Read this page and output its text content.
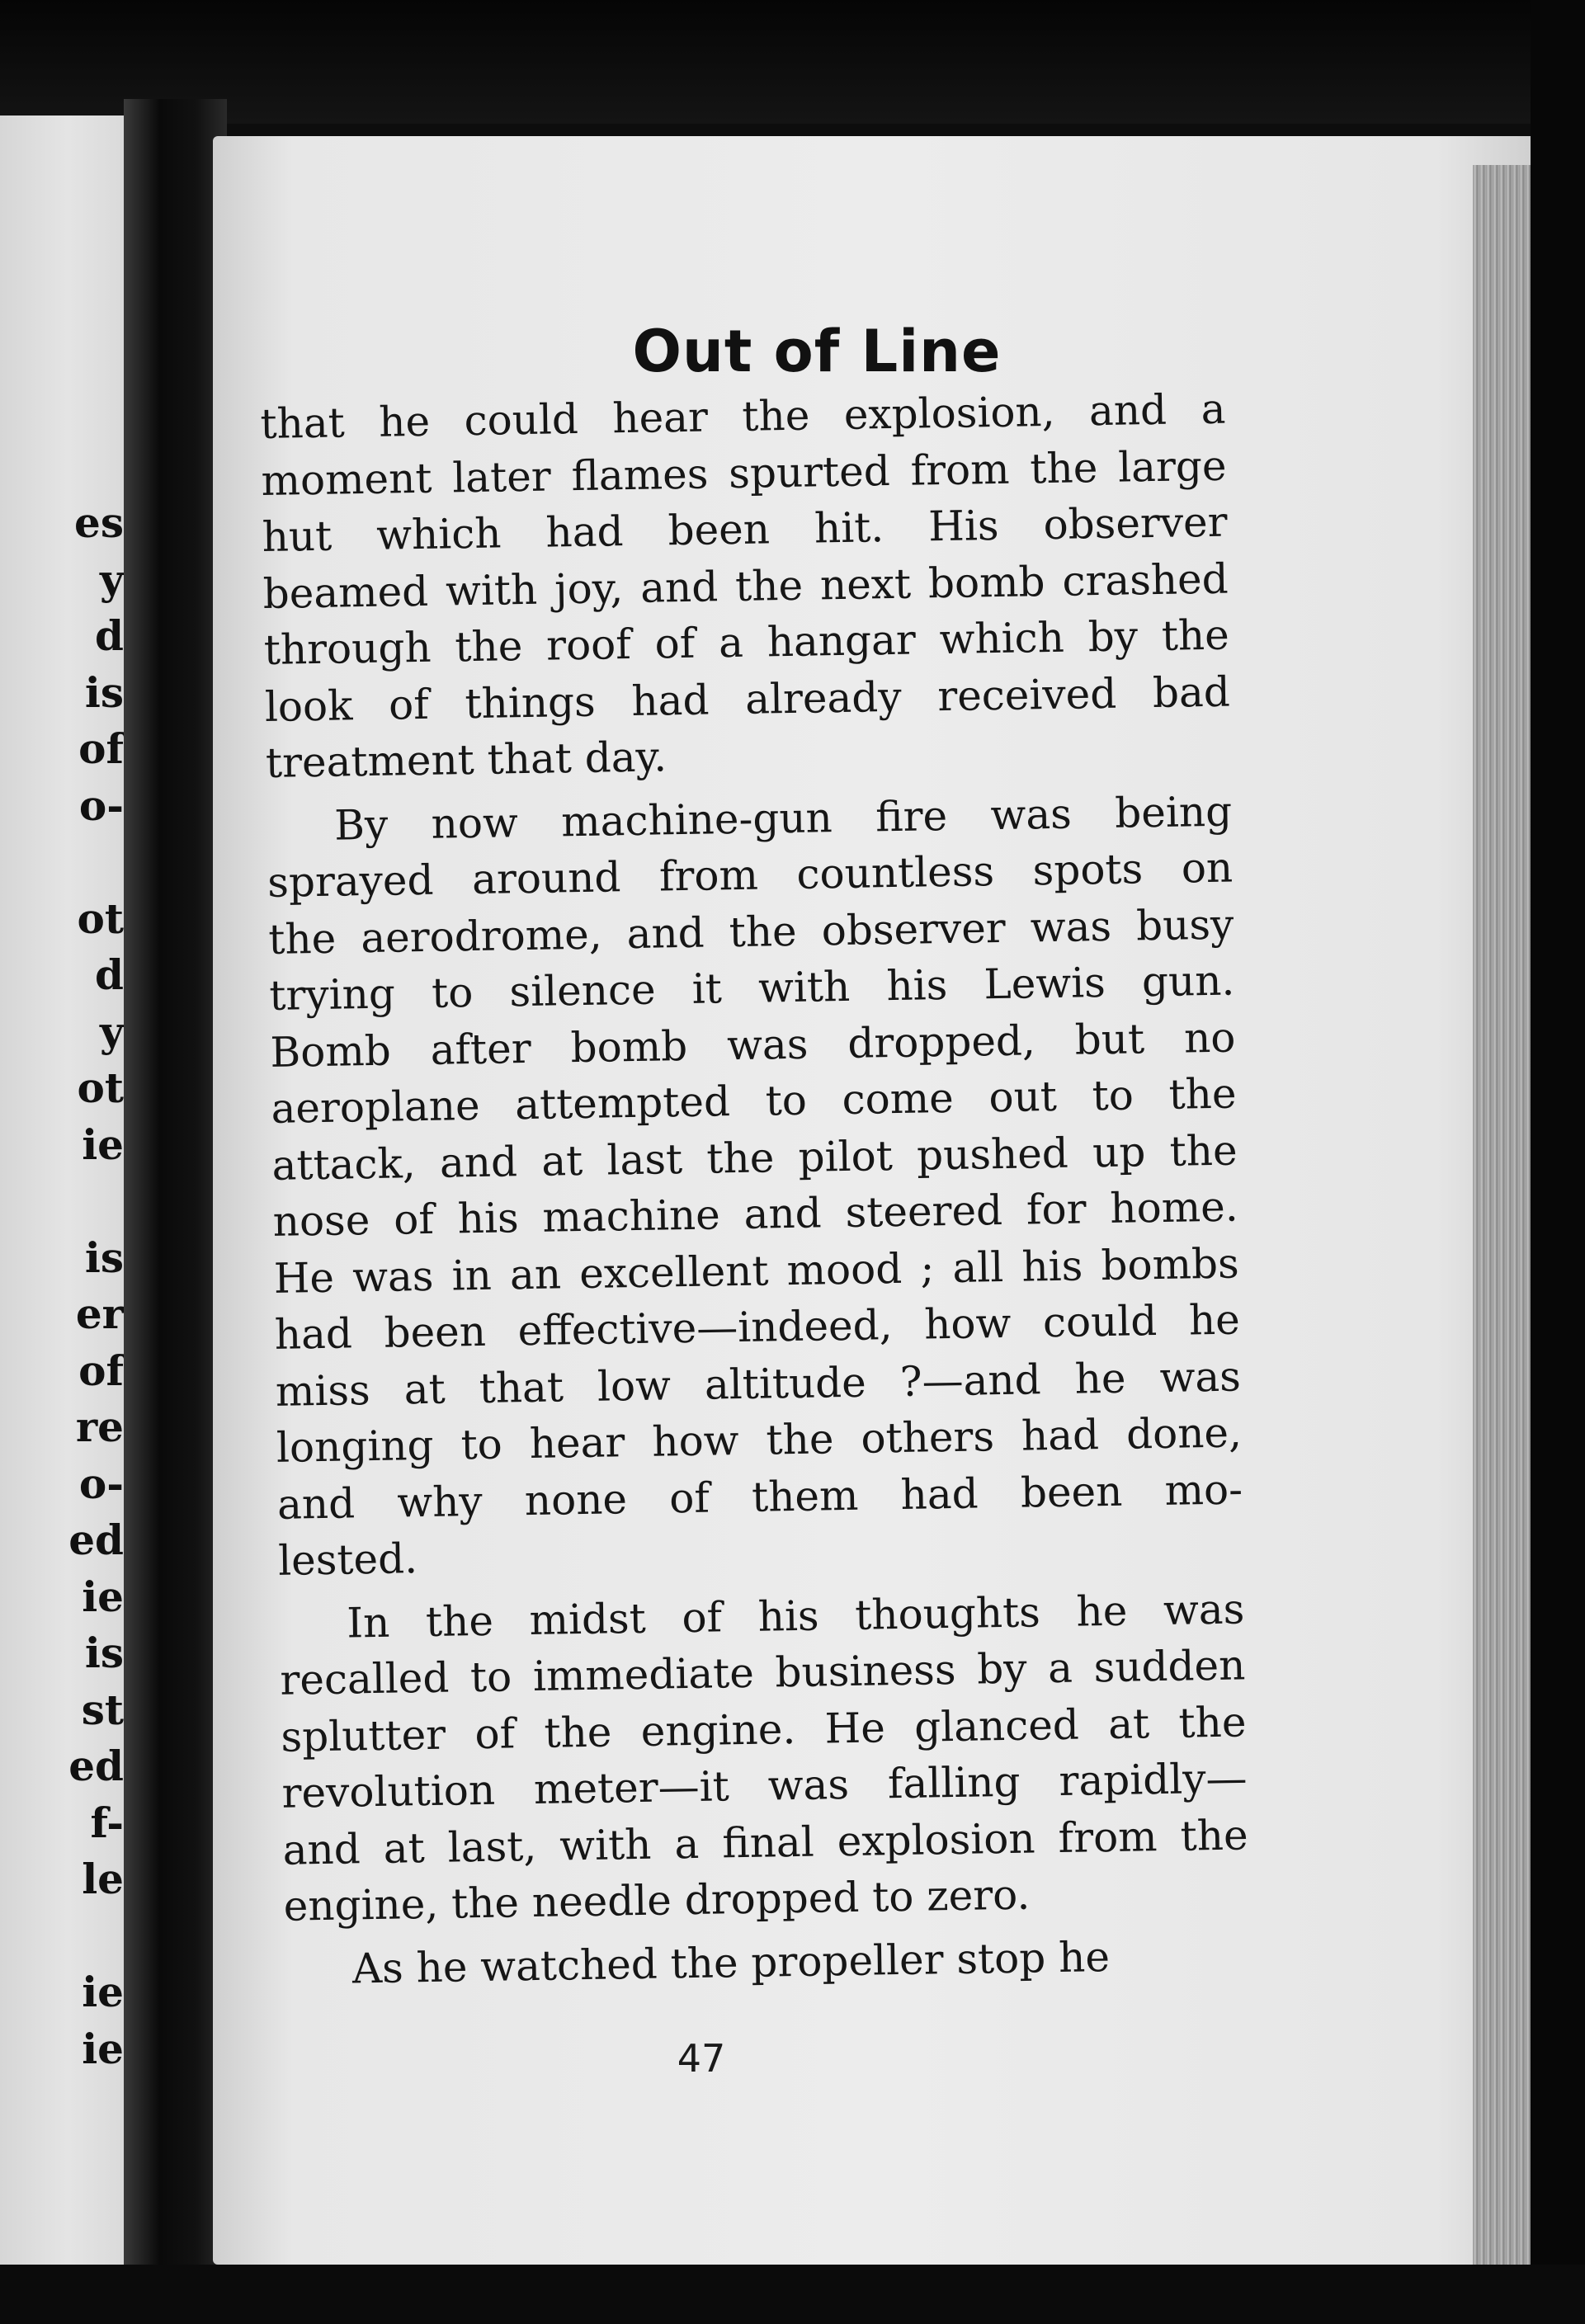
es
y
d
is
of
o-
ot
d
y
ot
ie
is
er
of
re
o-
ed
ie
is
st
ed
f-
le
ie
ie
Out of Line
that he could hear the explosion, and a
moment later flames spurted from the large
hut which had been hit. His observer
beamed with joy, and the next bomb crashed
through the roof of a hangar which by the
look of things had already received bad
treatment that day.
By now machine-gun fire was being
sprayed around from countless spots on
the aerodrome, and the observer was busy
trying to silence it with his Lewis gun.
Bomb after bomb was dropped, but no
aeroplane attempted to come out to the
attack, and at last the pilot pushed up the
nose of his machine and steered for home.
He was in an excellent mood ; all his bombs
had been effective—indeed, how could he
miss at that low altitude ?—and he was
longing to hear how the others had done,
and why none of them had been mo-
lested.
In the midst of his thoughts he was
recalled to immediate business by a sudden
splutter of the engine. He glanced at the
revolution meter—it was falling rapidly—
and at last, with a final explosion from the
engine, the needle dropped to zero.
As he watched the propeller stop he
47
